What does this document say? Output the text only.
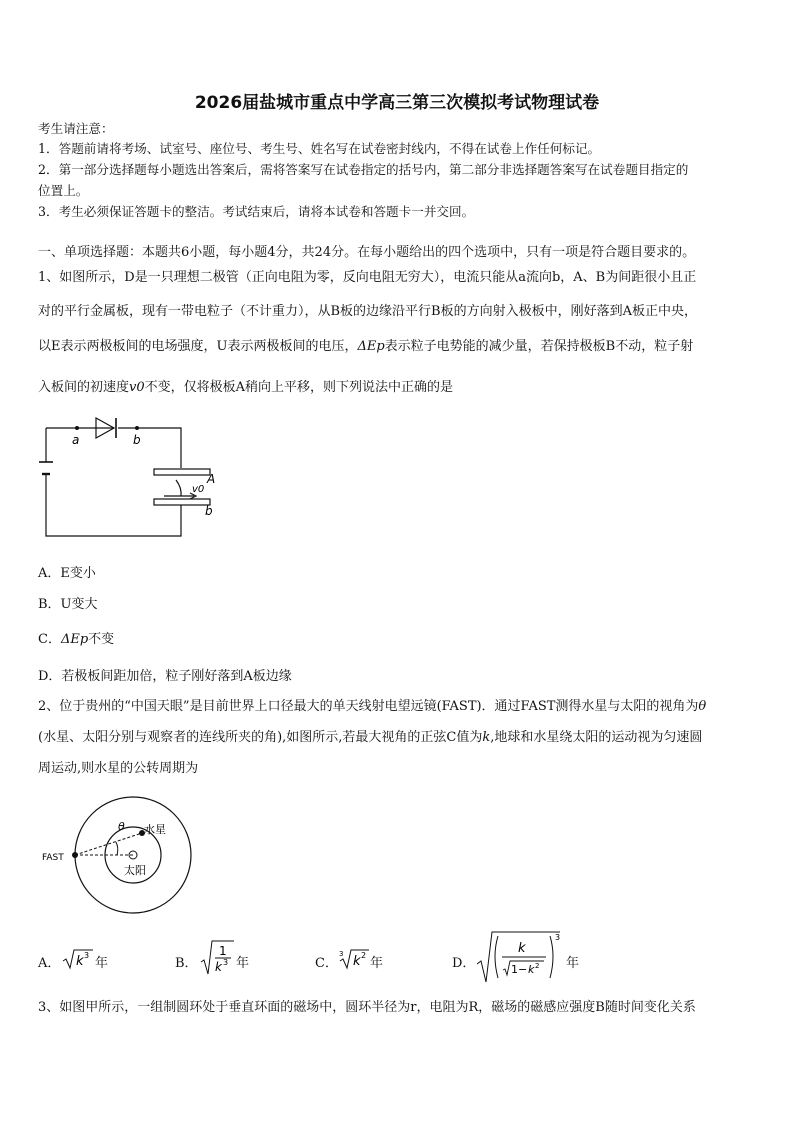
2026届盐城市重点中学高三第三次模拟考试物理试卷
考生请注意：
1．答题前请将考场、试室号、座位号、考生号、姓名写在试卷密封线内，不得在试卷上作任何标记。
2．第一部分选择题每小题选出答案后，需将答案写在试卷指定的括号内，第二部分非选择题答案写在试卷题目指定的
位置上。
3．考生必须保证答题卡的整洁。考试结束后，请将本试卷和答题卡一并交回。
一、单项选择题：本题共6小题，每小题4分，共24分。在每小题给出的四个选项中，只有一项是符合题目要求的。
1、如图所示，D是一只理想二极管（正向电阻为零，反向电阻无穷大），电流只能从a流向b，A、B为间距很小且正
对的平行金属板，现有一带电粒子（不计重力），从B板的边缘沿平行B板的方向射入极板中，刚好落到A板正中央，
以E表示两极板间的电场强度，U表示两极板间的电压，ΔEp表示粒子电势能的减少量，若保持极板B不动，粒子射
入板间的初速度v0不变，仅将极板A稍向上平移，则下列说法中正确的是
a	b
A
b
v0
A．E变小
B．U变大
C．ΔEp不变
D．若极板间距加倍，粒子刚好落到A板边缘
2、位于贵州的“中国天眼”是目前世界上口径最大的单天线射电望远镜(FAST)．通过FAST测得水星与太阳的视角为θ
(水星、太阳分别与观察者的连线所夹的角),如图所示,若最大视角的正弦C值为k,地球和水星绕太阳的运动视为匀速圆
周运动,则水星的公转周期为
FAST
水星
太阳
θ
A． k 3
年	B．
1
k 3 年	C．
3 k 2
年	D．
k
1− k 2
3
年
3、如图甲所示，一组制圆环处于垂直环面的磁场中，圆环半径为r，电阻为R，磁场的磁感应强度B随时间变化关系
